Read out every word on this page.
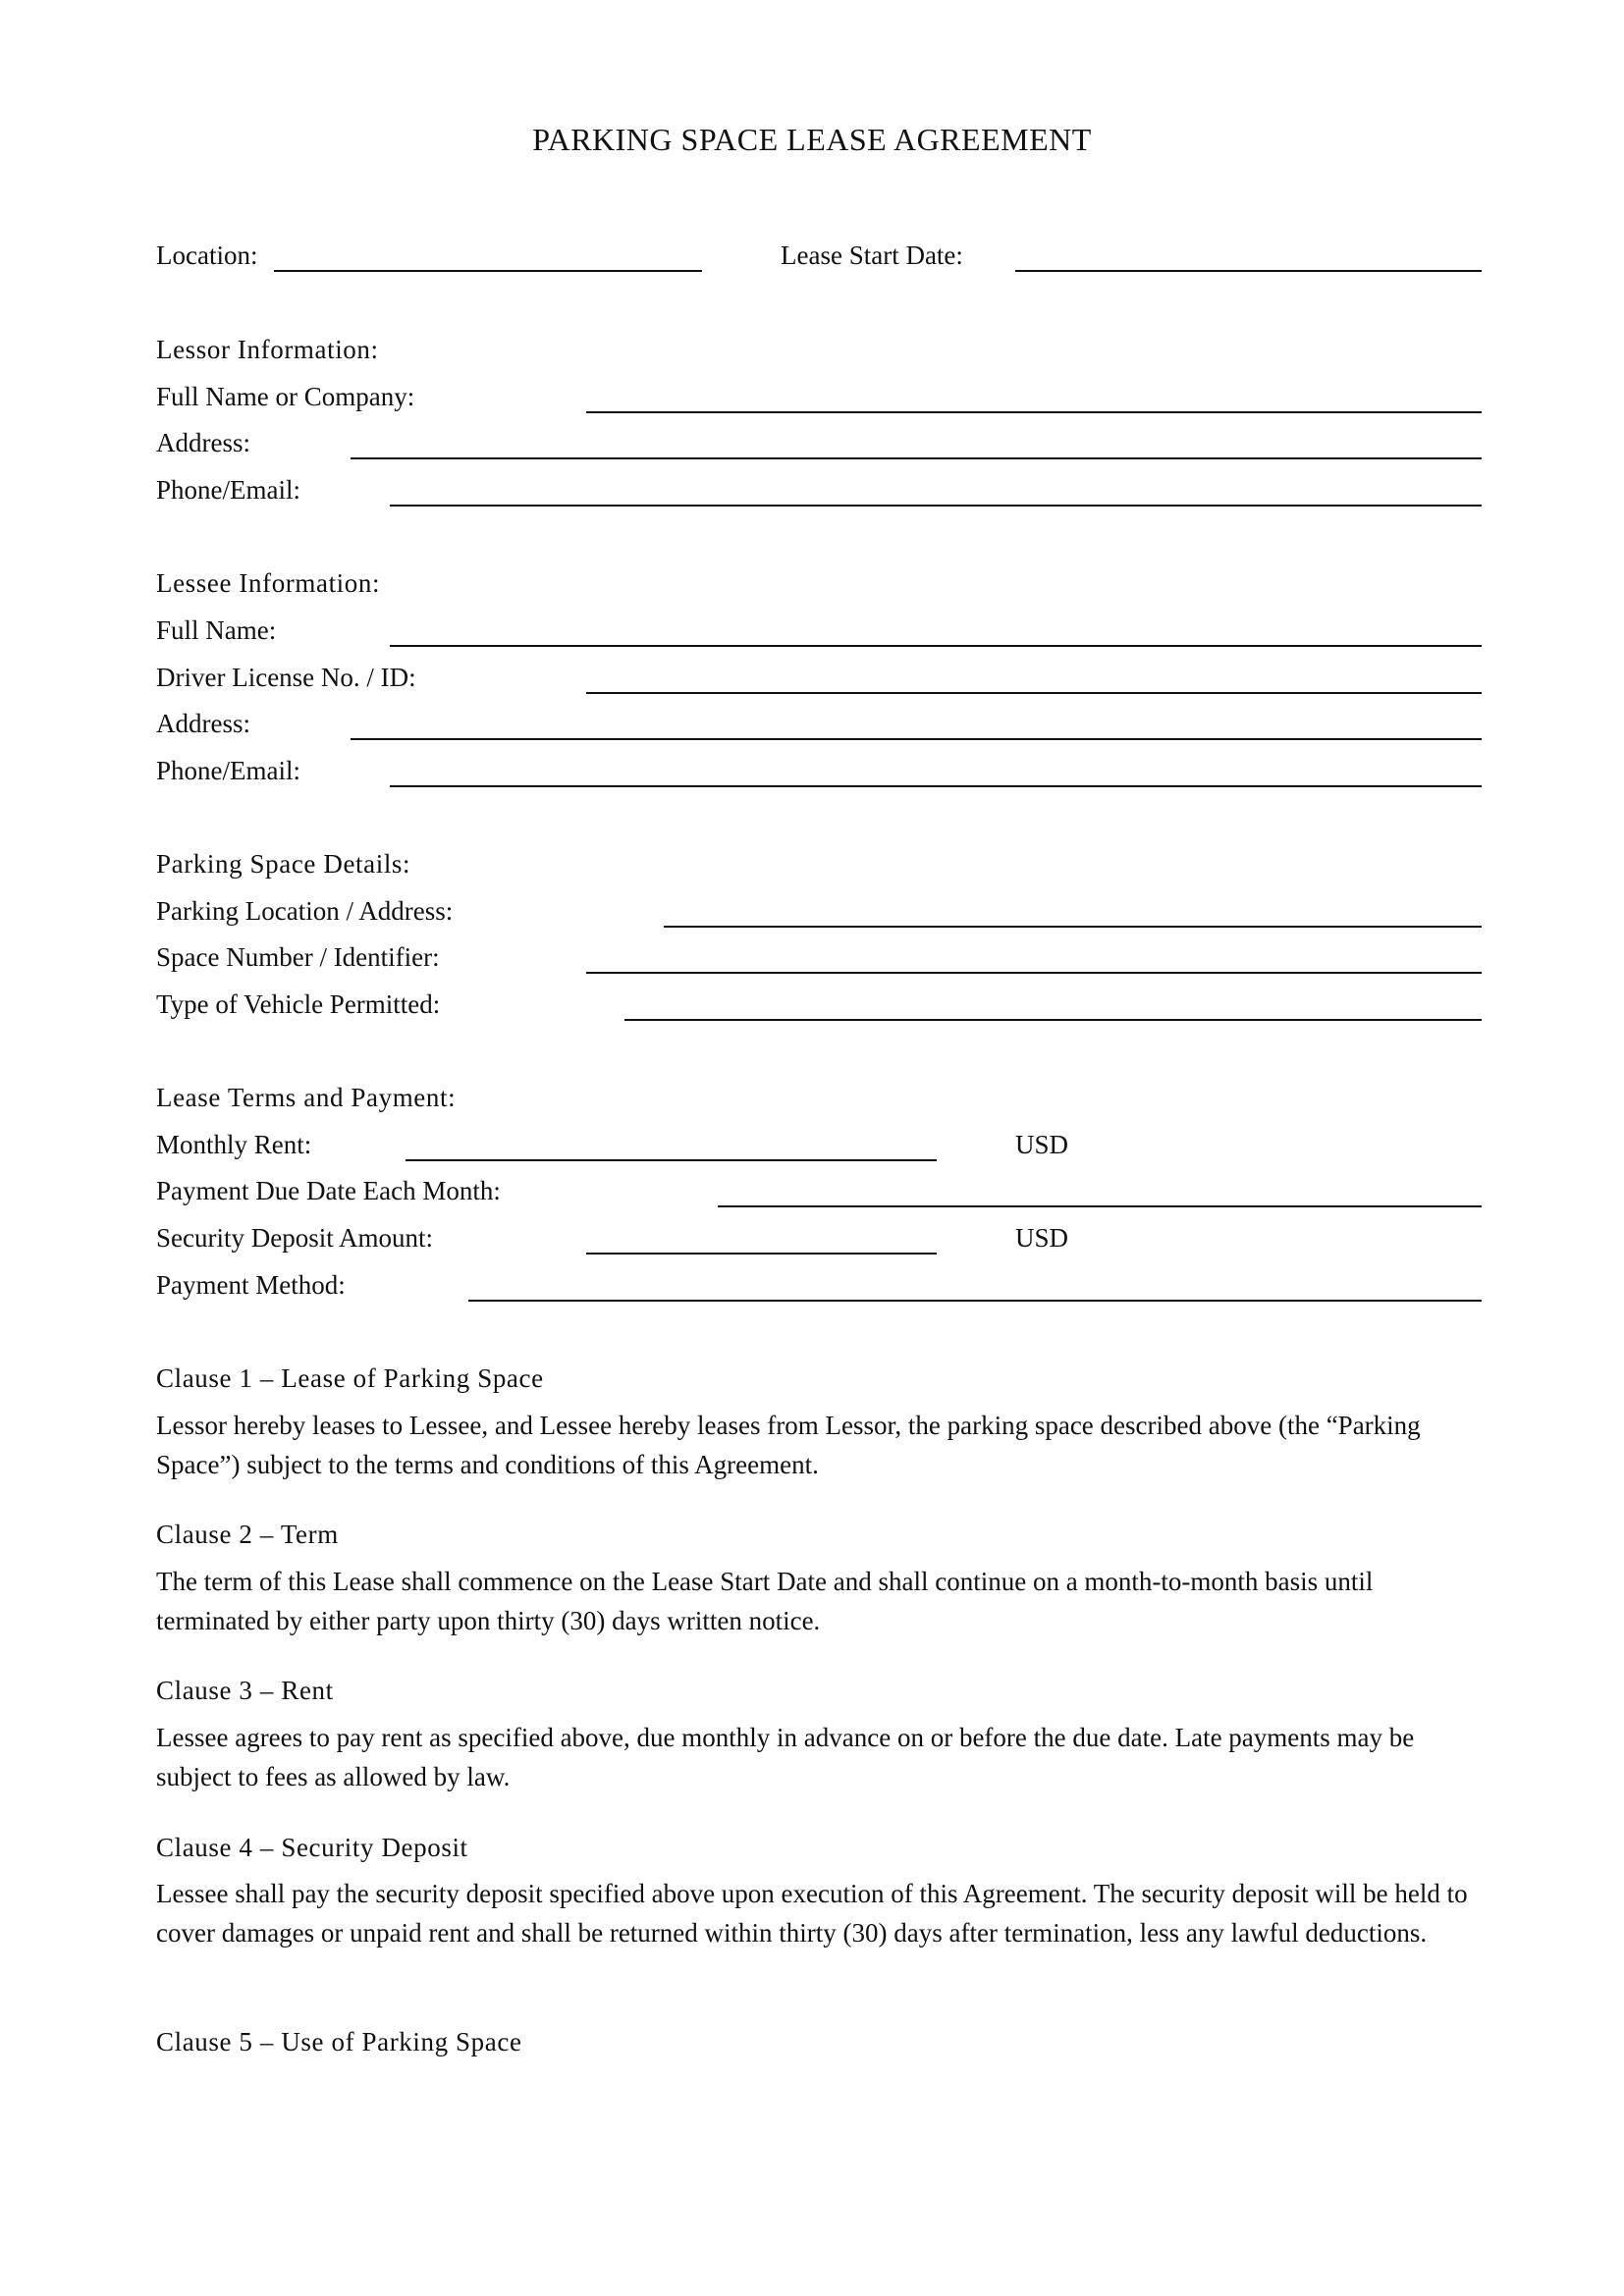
PARKING SPACE LEASE AGREEMENT
Location:	Lease Start Date:
Lessor Information:
Full Name or Company:
Address:
Phone/Email:
Lessee Information:
Full Name:
Driver License No. / ID:
Address:
Phone/Email:
Parking Space Details:
Parking Location / Address:
Space Number / Identifier:
Type of Vehicle Permitted:
Lease Terms and Payment:
Monthly Rent:	USD
Payment Due Date Each Month:
Security Deposit Amount:	USD
Payment Method:
Clause 1 – Lease of Parking Space
Lessor hereby leases to Lessee, and Lessee hereby leases from Lessor, the parking space described above (the “Parking Space”) subject to the terms and conditions of this Agreement.
Clause 2 – Term
The term of this Lease shall commence on the Lease Start Date and shall continue on a month-to-month basis until terminated by either party upon thirty (30) days written notice.
Clause 3 – Rent
Lessee agrees to pay rent as specified above, due monthly in advance on or before the due date. Late payments may be subject to fees as allowed by law.
Clause 4 – Security Deposit
Lessee shall pay the security deposit specified above upon execution of this Agreement. The security deposit will be held to cover damages or unpaid rent and shall be returned within thirty (30) days after termination, less any lawful deductions.
Clause 5 – Use of Parking Space
